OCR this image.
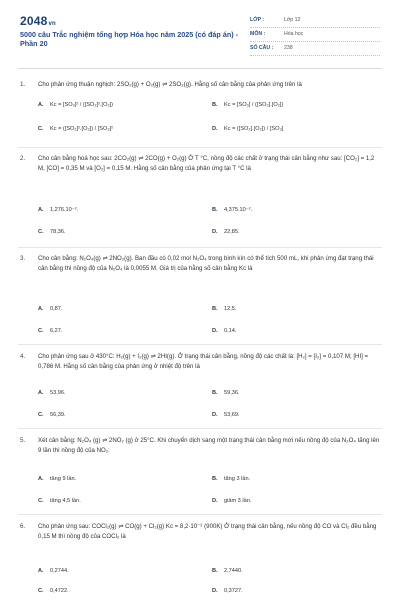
2048vn
5000 câu Trắc nghiệm tổng hợp Hóa học năm 2025 (có đáp án) - Phần 20
LỚP :	Lớp 12
MÔN :	Hóa học
SỐ CÂU : 238
1. Cho phản ứng thuận nghịch: 2SO₂(g) + O₂(g) ⇌ 2SO₃(g). Hằng số cân bằng của phản ứng trên là
A. Kc = [SO₃]² / ([SO₂]².[O₂])	B. Kc = [SO₃] / ([SO₂].[O₂])
C. Kc = ([SO₂]².[O₂]) / [SO₃]²	D. Kc = ([SO₂].[O₂]) / [SO₃]
2. Cho cân bằng hoá học sau: 2CO₂(g) ⇌ 2CO(g) + O₂(g) Ở T °C, nồng độ các chất ở trạng thái cân bằng như sau: [CO₂] = 1,2 M, [CO] = 0,35 M và [O₂] = 0,15 M. Hằng số cân bằng của phản ứng tại T °C là
A. 1,276.10⁻².	B. 4,375.10⁻².
C. 78,36.	D. 22,85.
3. Cho cân bằng: N₂O₄(g) ⇌ 2NO₂(g). Ban đầu có 0,02 mol N₂O₄ trong bình kín có thể tích 500 mL, khi phản ứng đạt trạng thái cân bằng thì nồng độ của N₂O₄ là 0,0055 M. Giá trị của hằng số cân bằng Kc là
A. 0,87.	B. 12,5.
C. 6,27.	D. 0,14.
4. Cho phản ứng sau ở 430°C: H₂(g) + I₂(g) ⇌ 2HI(g). Ở trạng thái cân bằng, nồng độ các chất là: [H₂] = [I₂] = 0,107 M; [HI] = 0,786 M. Hằng số cân bằng của phản ứng ở nhiệt độ trên là
A. 53,96.	B. 59,36.
C. 56,39.	D. 53,69.
5. Xét cân bằng: N₂O₄ (g) ⇌ 2NO₂ (g) ở 25°C. Khi chuyển dịch sang một trạng thái cân bằng mới nếu nồng độ của N₂O₄ tăng lên 9 lần thì nồng độ của NO₂:
A. tăng 9 lần.	B. tăng 3 lần.
C. tăng 4,5 lần.	D. giảm 3 lần.
6. Cho phản ứng sau: COCl₂(g) ⇌ CO(g) + Cl₂(g) Kc = 8,2·10⁻² (900K) Ở trạng thái cân bằng, nếu nồng độ CO và Cl₂ đều bằng 0,15 M thì nồng độ của COCl₂ là
A. 0,2744.	B. 2,7440.
C. 0,4722.	D. 0,3727.
